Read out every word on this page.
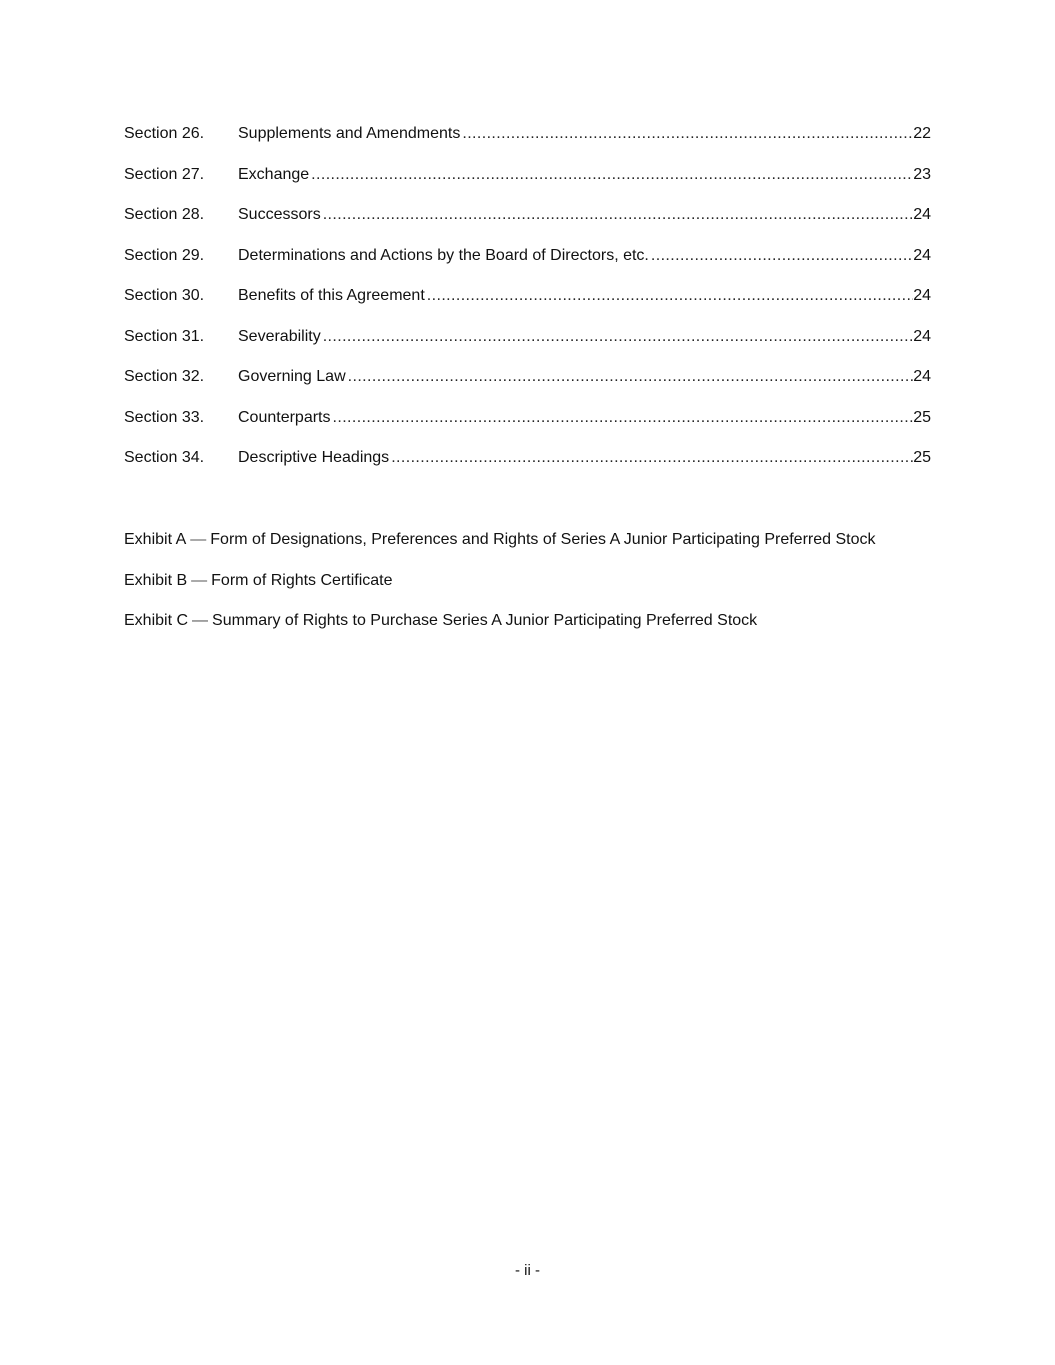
Section 26.	Supplements and Amendments .....	22
Section 27.	Exchange .....	23
Section 28.	Successors .....	24
Section 29.	Determinations and Actions by the Board of Directors, etc. .....	24
Section 30.	Benefits of this Agreement .....	24
Section 31.	Severability .....	24
Section 32.	Governing Law .....	24
Section 33.	Counterparts .....	25
Section 34.	Descriptive Headings .....	25
Exhibit A — Form of Designations, Preferences and Rights of Series A Junior Participating Preferred Stock
Exhibit B — Form of Rights Certificate
Exhibit C — Summary of Rights to Purchase Series A Junior Participating Preferred Stock
- ii -
